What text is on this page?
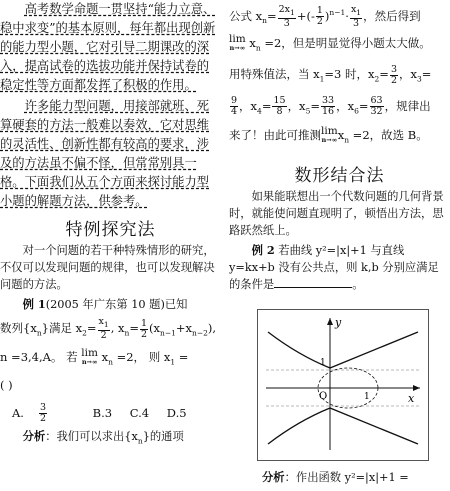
高考数学命题一贯坚持“能力立意、稳中求变”的基本原则，每年都出现创新的能力型小题，它对引导二期课改的深入，提高试卷的选拔功能并保持试卷的稳定性等方面都发挥了积极的作用。

许多能力型问题，用接部就班、死算硬套的方法一般难以奏效，它对思维的灵活性、创新性都有较高的要求，涉及的方法虽不偏不怪，但常常别具一格。下面我们从五个方面来探讨能力型小题的解题方法，供参考。

特例探究法

对一个问题的若干种特殊情形的研究，不仅可以发现问题的规律，也可以发现解决问题的方法。

例 1(2005 年广东第 10 题)已知

数列$\{x_n\}$满足 $x_2= \frac{x_1}{2}$ , $x_n= \frac{1}{2} (x_{n-1}+x_{n-2})$,

n =3,4,A。 若 lim
n→∞ $x_n =2$， 则 $x_1$ =

( )

A. $\frac{3}{2}$	B.3 C.4 D.5

分析：我们可以求出$\{x_n\}$的通项

公式 $x_n= \frac{2x_1}{3}$ +(- $\frac{1}{2} )^{n-1}\cdot \frac{x_1}{3}$ ，然后得到

lim
n→∞ $x_n =2$，但是明显觉得小题太大做。

用特殊值法，当 $x_1=3$ 时，$x_2= \frac{3}{2}$ ，$x_3=$

$\frac{9}{4}$ ，$x_4= \frac{15}{8}$ ，$x_5= \frac{33}{16}$ ，$x_6= \frac{63}{32}$ ，规律出

来了！由此可推测 lim
n→∞ $x_n =2$，故选 B。

数形结合法

如果能联想出一个代数问题的几何背景时，就能使问题直现明了，顿悟出方法，思路跃然纸上。

例 2 若曲线 y²=|x|+1 与直线 y=kx+b 没有公共点，则 k,b 分别应满足的条件是	。

y
x
O
1
1

分析：作出函数 y²=|x|+1 =
